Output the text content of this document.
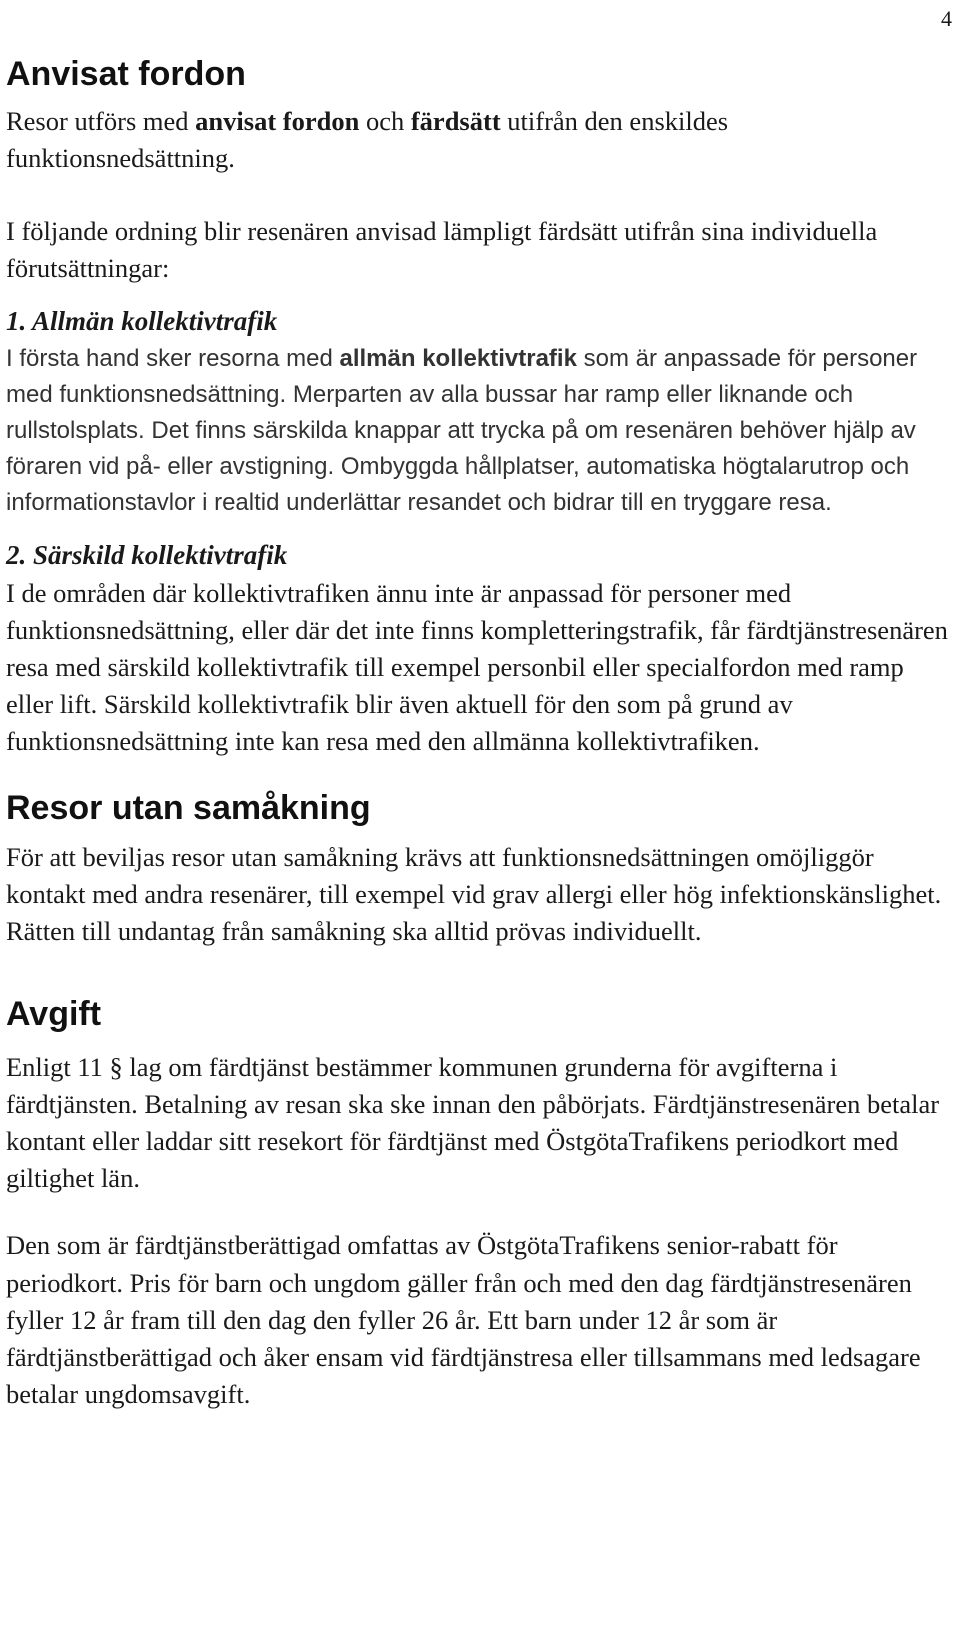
4
Anvisat fordon

Resor utförs med anvisat fordon och färdsätt utifrån den enskildes funktionsnedsättning.

I följande ordning blir resenären anvisad lämpligt färdsätt utifrån sina individuella förutsättningar:

1. Allmän kollektivtrafik

I första hand sker resorna med allmän kollektivtrafik som är anpassade för personer med funktionsnedsättning. Merparten av alla bussar har ramp eller liknande och rullstolsplats. Det finns särskilda knappar att trycka på om resenären behöver hjälp av föraren vid på- eller avstigning. Ombyggda hållplatser, automatiska högtalarutrop och informationstavlor i realtid underlättar resandet och bidrar till en tryggare resa.

2. Särskild kollektivtrafik

I de områden där kollektivtrafiken ännu inte är anpassad för personer med funktionsnedsättning, eller där det inte finns kompletteringstrafik, får färdtjänstresenären resa med särskild kollektivtrafik till exempel personbil eller specialfordon med ramp eller lift. Särskild kollektivtrafik blir även aktuell för den som på grund av funktionsnedsättning inte kan resa med den allmänna kollektivtrafiken.

Resor utan samåkning

För att beviljas resor utan samåkning krävs att funktionsnedsättningen omöjliggör kontakt med andra resenärer, till exempel vid grav allergi eller hög infektionskänslighet. Rätten till undantag från samåkning ska alltid prövas individuellt.

Avgift

Enligt 11 § lag om färdtjänst bestämmer kommunen grunderna för avgifterna i färdtjänsten. Betalning av resan ska ske innan den påbörjats. Färdtjänstresenären betalar kontant eller laddar sitt resekort för färdtjänst med ÖstgötaTrafikens periodkort med giltighet län.

Den som är färdtjänstberättigad omfattas av ÖstgötaTrafikens senior-rabatt för periodkort. Pris för barn och ungdom gäller från och med den dag färdtjänstresenären fyller 12 år fram till den dag den fyller 26 år. Ett barn under 12 år som är färdtjänstberättigad och åker ensam vid färdtjänstresa eller tillsammans med ledsagare betalar ungdomsavgift.
